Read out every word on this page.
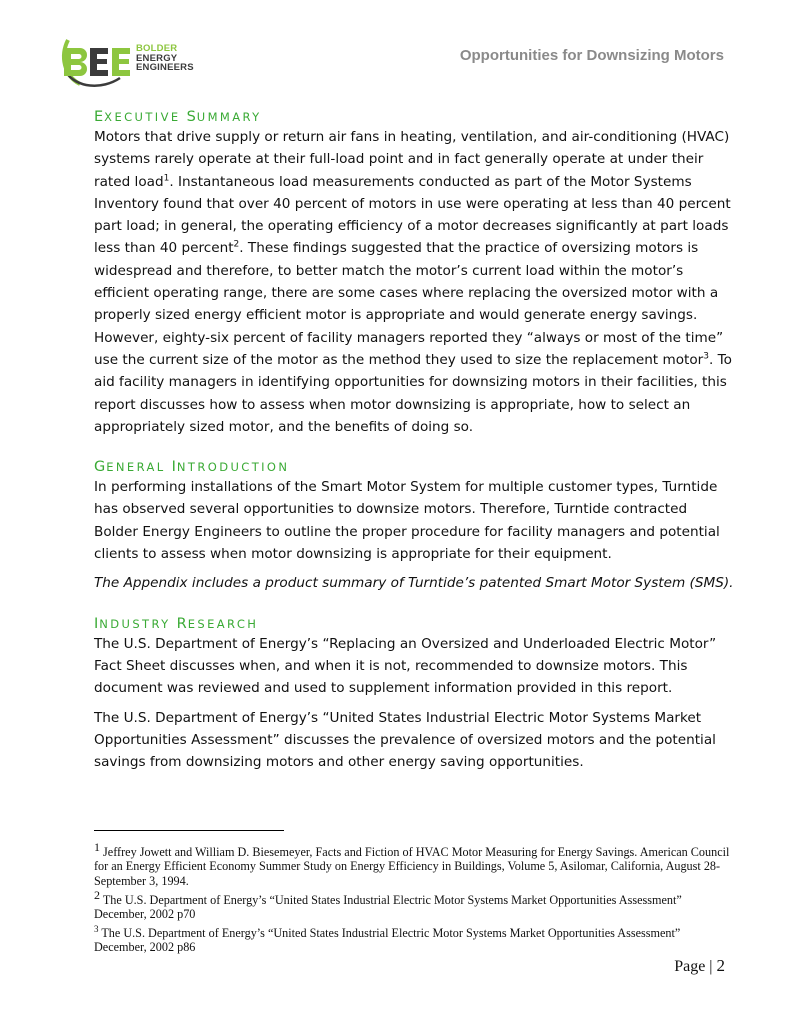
BOLDER
ENERGY
ENGINEERS
Opportunities for Downsizing Motors
EXECUTIVE SUMMARY

Motors that drive supply or return air fans in heating, ventilation, and air-conditioning (HVAC) systems rarely operate at their full-load point and in fact generally operate at under their rated load$^1$. Instantaneous load measurements conducted as part of the Motor Systems Inventory found that over 40 percent of motors in use were operating at less than 40 percent part load; in general, the operating efficiency of a motor decreases significantly at part loads less than 40 percent$^2$. These findings suggested that the practice of oversizing motors is widespread and therefore, to better match the motor’s current load within the motor’s efficient operating range, there are some cases where replacing the oversized motor with a properly sized energy efficient motor is appropriate and would generate energy savings. However, eighty-six percent of facility managers reported they “always or most of the time” use the current size of the motor as the method they used to size the replacement motor$^3$. To aid facility managers in identifying opportunities for downsizing motors in their facilities, this report discusses how to assess when motor downsizing is appropriate, how to select an appropriately sized motor, and the benefits of doing so.

GENERAL INTRODUCTION

In performing installations of the Smart Motor System for multiple customer types, Turntide has observed several opportunities to downsize motors. Therefore, Turntide contracted Bolder Energy Engineers to outline the proper procedure for facility managers and potential clients to assess when motor downsizing is appropriate for their equipment.

The Appendix includes a product summary of Turntide’s patented Smart Motor System (SMS).

INDUSTRY RESEARCH

The U.S. Department of Energy’s “Replacing an Oversized and Underloaded Electric Motor” Fact Sheet discusses when, and when it is not, recommended to downsize motors. This document was reviewed and used to supplement information provided in this report.

The U.S. Department of Energy’s “United States Industrial Electric Motor Systems Market Opportunities Assessment” discusses the prevalence of oversized motors and the potential savings from downsizing motors and other energy saving opportunities.

$^1$ Jeffrey Jowett and William D. Biesemeyer, Facts and Fiction of HVAC Motor Measuring for Energy Savings. American Council for an Energy Efficient Economy Summer Study on Energy Efficiency in Buildings, Volume 5, Asilomar, California, August 28-September 3, 1994.

$^2$ The U.S. Department of Energy’s “United States Industrial Electric Motor Systems Market Opportunities Assessment” December, 2002 p70

$^3$ The U.S. Department of Energy’s “United States Industrial Electric Motor Systems Market Opportunities Assessment” December, 2002 p86

Page | 2
